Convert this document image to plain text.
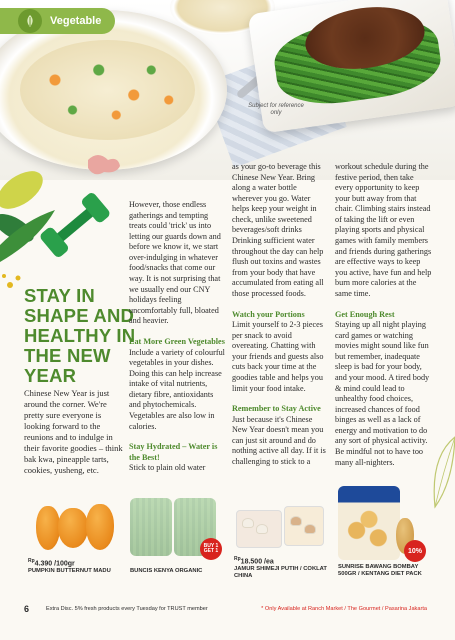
Subject for reference only
Vegetable
STAY IN SHAPE AND HEALTHY IN THE NEW YEAR
Chinese New Year is just around the corner. We're pretty sure everyone is looking forward to the reunions and to indulge in their favorite goodies – think bak kwa, pineapple tarts, cookies, yusheng, etc.

However, those endless gatherings and tempting treats could 'trick' us into letting our guards down and before we know it, we start over-indulging in whatever food/snacks that come our way. It is not surprising that we usually end our CNY holidays feeling uncomfortably full, bloated and heavier.

Eat More Green Vegetables

Include a variety of colourful vegetables in your dishes. Doing this can help increase intake of vital nutrients, dietary fibre, antioxidants and phytochemicals. Vegetables are also low in calories.

Stay Hydrated – Water is the Best!

Stick to plain old water

as your go-to beverage this Chinese New Year. Bring along a water bottle wherever you go. Water helps keep your weight in check, unlike sweetened beverages/soft drinks Drinking sufficient water throughout the day can help flush out toxins and wastes from your body that have accumulated from eating all those processed foods.

Watch your Portions

Limit yourself to 2-3 pieces per snack to avoid overeating. Chatting with your friends and guests also cuts back your time at the goodies table and helps you limit your food intake.

Remember to Stay Active

Just because it's Chinese New Year doesn't mean you can just sit around and do nothing active all day. If it is challenging to stick to a

workout schedule during the festive period, then take every opportunity to keep your butt away from that chair. Climbing stairs instead of taking the lift or even playing sports and physical games with family members and friends during gatherings are effective ways to keep you active, have fun and help burn more calories at the same time.

Get Enough Rest

Staying up all night playing card games or watching movies might sound like fun but remember, inadequate sleep is bad for your body, and your mood. A tired body & mind could lead to unhealthy food choices, increased chances of food binges as well as a lack of energy and motivation to do any sort of physical activity. Be mindful not to have too many all-nighters.

$^{Rp}$4.390 /100gr
PUMPKIN BUTTERNUT MADU
BUY 1 GET 1
BUNCIS KENYA ORGANIC
$^{Rp}$18.500 /ea
JAMUR SHIMEJI PUTIH / COKLAT CHINA
10%
SUNRISE BAWANG BOMBAY 500GR / KENTANG DIET PACK
6	Extra Disc. 5% fresh products every Tuesday for TRUST member	* Only Available at Ranch Market / The Gourmet / Pasarina Jakarta
